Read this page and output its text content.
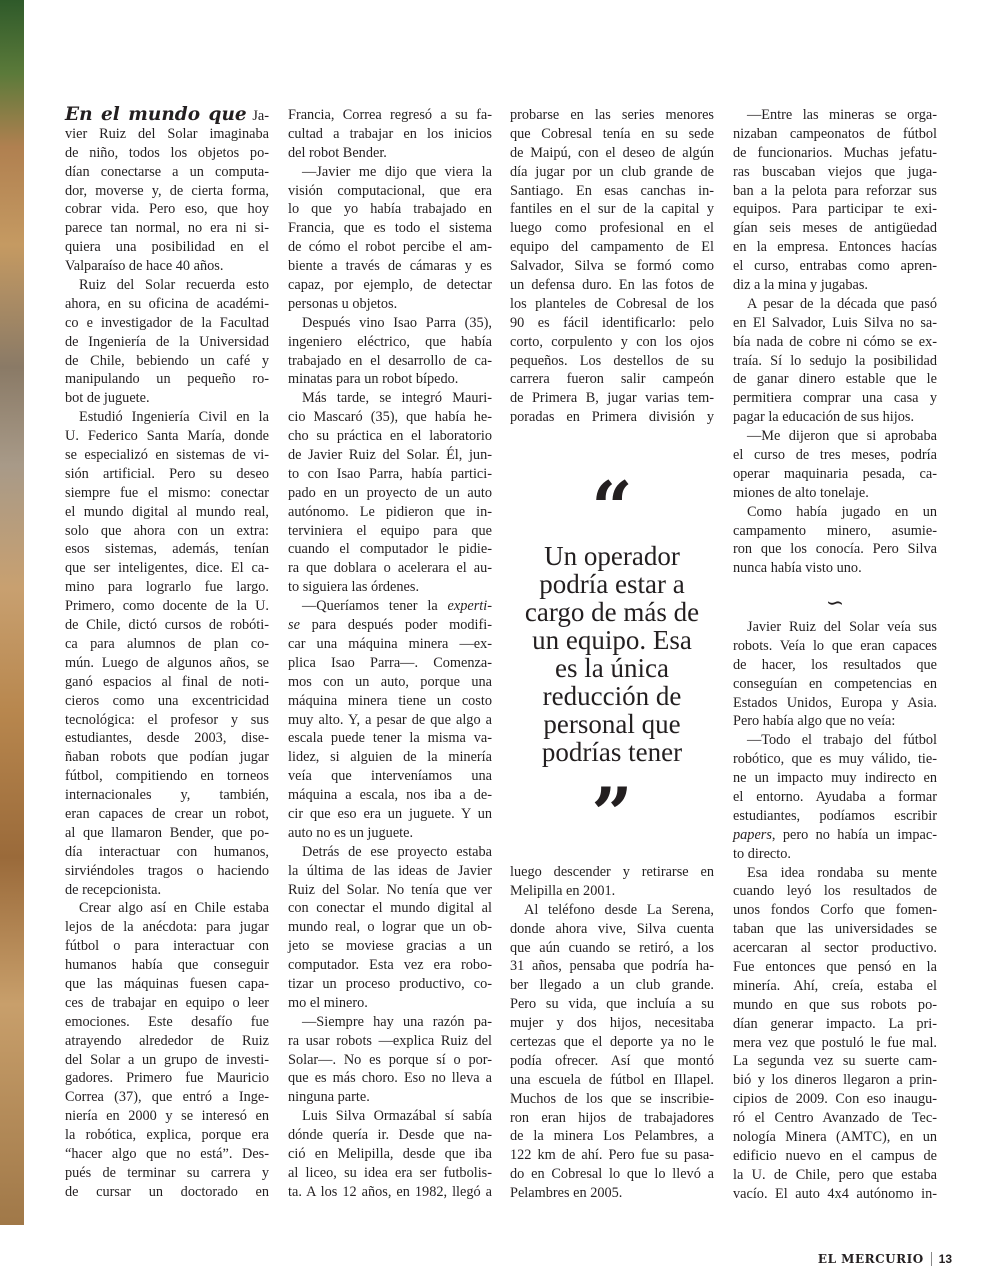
En el mundo que Ja-
vier Ruiz del Solar imaginaba
de niño, todos los objetos po-
dían conectarse a un computa-
dor, moverse y, de cierta forma,
cobrar vida. Pero eso, que hoy
parece tan normal, no era ni si-
quiera una posibilidad en el
Valparaíso de hace 40 años.
Ruiz del Solar recuerda esto
ahora, en su oficina de académi-
co e investigador de la Facultad
de Ingeniería de la Universidad
de Chile, bebiendo un café y
manipulando un pequeño ro-
bot de juguete.
Estudió Ingeniería Civil en la
U. Federico Santa María, donde
se especializó en sistemas de vi-
sión artificial. Pero su deseo
siempre fue el mismo: conectar
el mundo digital al mundo real,
solo que ahora con un extra:
esos sistemas, además, tenían
que ser inteligentes, dice. El ca-
mino para lograrlo fue largo.
Primero, como docente de la U.
de Chile, dictó cursos de robóti-
ca para alumnos de plan co-
mún. Luego de algunos años, se
ganó espacios al final de noti-
cieros como una excentricidad
tecnológica: el profesor y sus
estudiantes, desde 2003, dise-
ñaban robots que podían jugar
fútbol, compitiendo en torneos
internacionales y, también,
eran capaces de crear un robot,
al que llamaron Bender, que po-
día interactuar con humanos,
sirviéndoles tragos o haciendo
de recepcionista.
Crear algo así en Chile estaba
lejos de la anécdota: para jugar
fútbol o para interactuar con
humanos había que conseguir
que las máquinas fuesen capa-
ces de trabajar en equipo o leer
emociones. Este desafío fue
atrayendo alrededor de Ruiz
del Solar a un grupo de investi-
gadores. Primero fue Mauricio
Correa (37), que entró a Inge-
niería en 2000 y se interesó en
la robótica, explica, porque era
“hacer algo que no está”. Des-
pués de terminar su carrera y
de cursar un doctorado en
Francia, Correa regresó a su fa-
cultad a trabajar en los inicios
del robot Bender.
—Javier me dijo que viera la
visión computacional, que era
lo que yo había trabajado en
Francia, que es todo el sistema
de cómo el robot percibe el am-
biente a través de cámaras y es
capaz, por ejemplo, de detectar
personas u objetos.
Después vino Isao Parra (35),
ingeniero eléctrico, que había
trabajado en el desarrollo de ca-
minatas para un robot bípedo.
Más tarde, se integró Mauri-
cio Mascaró (35), que había he-
cho su práctica en el laboratorio
de Javier Ruiz del Solar. Él, jun-
to con Isao Parra, había partici-
pado en un proyecto de un auto
autónomo. Le pidieron que in-
terviniera el equipo para que
cuando el computador le pidie-
ra que doblara o acelerara el au-
to siguiera las órdenes.
—Queríamos tener la experti-
se para después poder modifi-
car una máquina minera —ex-
plica Isao Parra—. Comenza-
mos con un auto, porque una
máquina minera tiene un costo
muy alto. Y, a pesar de que algo a
escala puede tener la misma va-
lidez, si alguien de la minería
veía que interveníamos una
máquina a escala, nos iba a de-
cir que eso era un juguete. Y un
auto no es un juguete.
Detrás de ese proyecto estaba
la última de las ideas de Javier
Ruiz del Solar. No tenía que ver
con conectar el mundo digital al
mundo real, o lograr que un ob-
jeto se moviese gracias a un
computador. Esta vez era robo-
tizar un proceso productivo, co-
mo el minero.
—Siempre hay una razón pa-
ra usar robots —explica Ruiz del
Solar—. No es porque sí o por-
que es más choro. Eso no lleva a
ninguna parte.
Luis Silva Ormazábal sí sabía
dónde quería ir. Desde que na-
ció en Melipilla, desde que iba
al liceo, su idea era ser futbolis-
ta. A los 12 años, en 1982, llegó a
probarse en las series menores
que Cobresal tenía en su sede
de Maipú, con el deseo de algún
día jugar por un club grande de
Santiago. En esas canchas in-
fantiles en el sur de la capital y
luego como profesional en el
equipo del campamento de El
Salvador, Silva se formó como
un defensa duro. En las fotos de
los planteles de Cobresal de los
90 es fácil identificarlo: pelo
corto, corpulento y con los ojos
pequeños. Los destellos de su
carrera fueron salir campeón
de Primera B, jugar varias tem-
poradas en Primera división y
“
Un operador
podría estar a
cargo de más de
un equipo. Esa
es la única
reducción de
personal que
podrías tener
”
luego descender y retirarse en
Melipilla en 2001.
Al teléfono desde La Serena,
donde ahora vive, Silva cuenta
que aún cuando se retiró, a los
31 años, pensaba que podría ha-
ber llegado a un club grande.
Pero su vida, que incluía a su
mujer y dos hijos, necesitaba
certezas que el deporte ya no le
podía ofrecer. Así que montó
una escuela de fútbol en Illapel.
Muchos de los que se inscribie-
ron eran hijos de trabajadores
de la minera Los Pelambres, a
122 km de ahí. Pero fue su pasa-
do en Cobresal lo que lo llevó a
Pelambres en 2005.
—Entre las mineras se orga-
nizaban campeonatos de fútbol
de funcionarios. Muchas jefatu-
ras buscaban viejos que juga-
ban a la pelota para reforzar sus
equipos. Para participar te exi-
gían seis meses de antigüedad
en la empresa. Entonces hacías
el curso, entrabas como apren-
diz a la mina y jugabas.
A pesar de la década que pasó
en El Salvador, Luis Silva no sa-
bía nada de cobre ni cómo se ex-
traía. Sí lo sedujo la posibilidad
de ganar dinero estable que le
permitiera comprar una casa y
pagar la educación de sus hijos.
—Me dijeron que si aprobaba
el curso de tres meses, podría
operar maquinaria pesada, ca-
miones de alto tonelaje.
Como había jugado en un
campamento minero, asumie-
ron que los conocía. Pero Silva
nunca había visto uno.
∽
Javier Ruiz del Solar veía sus
robots. Veía lo que eran capaces
de hacer, los resultados que
conseguían en competencias en
Estados Unidos, Europa y Asia.
Pero había algo que no veía:
—Todo el trabajo del fútbol
robótico, que es muy válido, tie-
ne un impacto muy indirecto en
el entorno. Ayudaba a formar
estudiantes, podíamos escribir
papers, pero no había un impac-
to directo.
Esa idea rondaba su mente
cuando leyó los resultados de
unos fondos Corfo que fomen-
taban que las universidades se
acercaran al sector productivo.
Fue entonces que pensó en la
minería. Ahí, creía, estaba el
mundo en que sus robots po-
dían generar impacto. La pri-
mera vez que postuló le fue mal.
La segunda vez su suerte cam-
bió y los dineros llegaron a prin-
cipios de 2009. Con eso inaugu-
ró el Centro Avanzado de Tec-
nología Minera (AMTC), en un
edificio nuevo en el campus de
la U. de Chile, pero que estaba
vacío. El auto 4x4 autónomo in-
EL MERCURIO 13
